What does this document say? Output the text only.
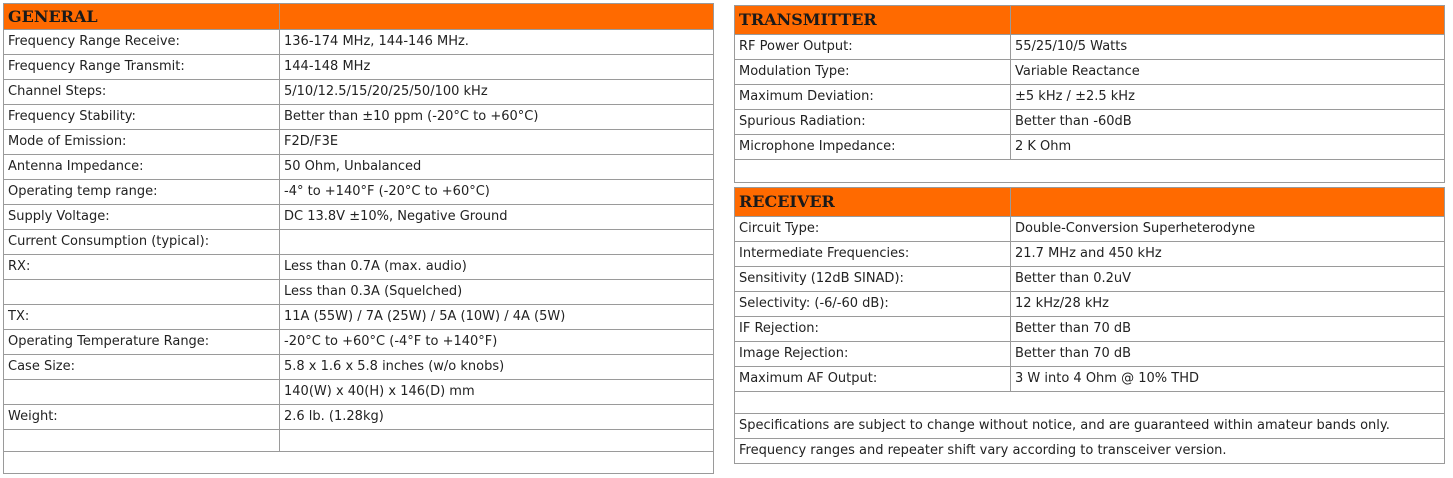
GENERAL	
Frequency Range Receive:	136-174 MHz, 144-146 MHz.
Frequency Range Transmit:	144-148 MHz
Channel Steps:	5/10/12.5/15/20/25/50/100 kHz
Frequency Stability:	Better than ±10 ppm (-20°C to +60°C)
Mode of Emission:	F2D/F3E
Antenna Impedance:	50 Ohm, Unbalanced
Operating temp range:	-4° to +140°F (-20°C to +60°C)
Supply Voltage:	DC 13.8V ±10%, Negative Ground
Current Consumption (typical):	
RX:	Less than 0.7A (max. audio)
	Less than 0.3A (Squelched)
TX:	11A (55W) / 7A (25W) / 5A (10W) / 4A (5W)
Operating Temperature Range:	-20°C to +60°C (-4°F to +140°F)
Case Size:	5.8 x 1.6 x 5.8 inches (w/o knobs)
	140(W) x 40(H) x 146(D) mm
Weight:	2.6 lb. (1.28kg)

TRANSMITTER	
RF Power Output:	55/25/10/5 Watts
Modulation Type:	Variable Reactance
Maximum Deviation:	±5 kHz / ±2.5 kHz
Spurious Radiation:	Better than -60dB
Microphone Impedance:	2 K Ohm

RECEIVER	
Circuit Type:	Double-Conversion Superheterodyne
Intermediate Frequencies:	21.7 MHz and 450 kHz
Sensitivity (12dB SINAD):	Better than 0.2uV
Selectivity: (-6/-60 dB):	12 kHz/28 kHz
IF Rejection:	Better than 70 dB
Image Rejection:	Better than 70 dB
Maximum AF Output:	3 W into 4 Ohm @ 10% THD

Specifications are subject to change without notice, and are guaranteed within amateur bands only.	
Frequency ranges and repeater shift vary according to transceiver version.	
